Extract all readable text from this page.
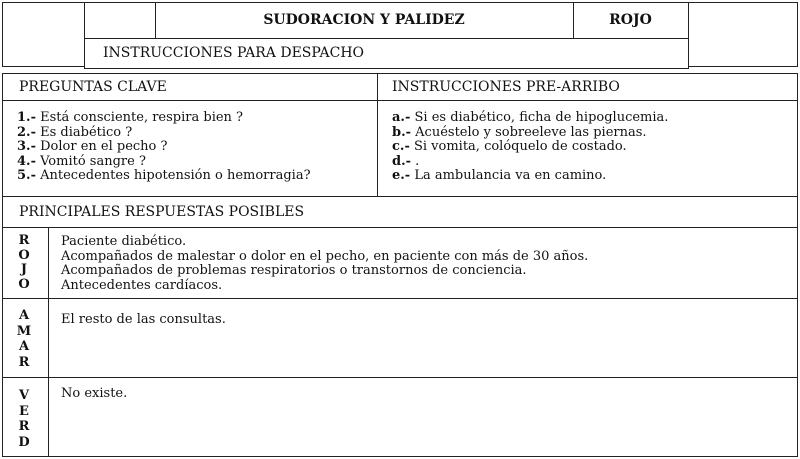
SUDORACION Y PALIDEZ	ROJO
INSTRUCCIONES PARA DESPACHO
PREGUNTAS CLAVE	INSTRUCCIONES PRE-ARRIBO
1.- Está consciente, respira bien ?
2.- Es diabético ?
3.- Dolor en el pecho ?
4.- Vomitó sangre ?
5.- Antecedentes hipotensión o hemorragia?
a.- Si es diabético, ficha de hipoglucemia.
b.- Acuéstelo y sobreeleve las piernas.
c.- Si vomita, colóquelo de costado.
d.- .
e.- La ambulancia va en camino.
PRINCIPALES RESPUESTAS POSIBLES
R
O
J
O
Paciente diabético.
Acompañados de malestar o dolor en el pecho, en paciente con más de 30 años.
Acompañados de problemas respiratorios o transtornos de conciencia.
Antecedentes cardíacos.
A
M
A
R
El resto de las consultas.
V
E
R
D
No existe.
